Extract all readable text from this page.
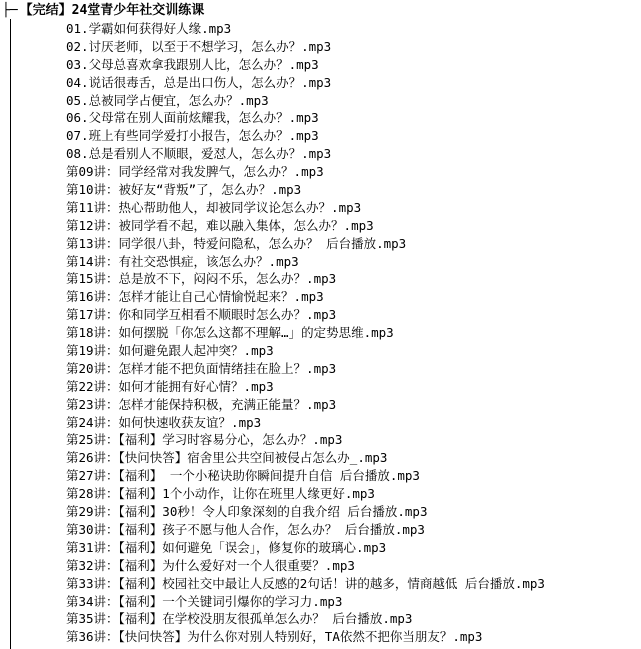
├─ 【完结】24堂青少年社交训练课
01.学霸如何获得好人缘.mp3
02.讨厌老师，以至于不想学习，怎么办？.mp3
03.父母总喜欢拿我跟别人比，怎么办？.mp3
04.说话很毒舌，总是出口伤人，怎么办？.mp3
05.总被同学占便宜，怎么办？.mp3
06.父母常在别人面前炫耀我，怎么办？.mp3
07.班上有些同学爱打小报告，怎么办？.mp3
08.总是看别人不顺眼，爱怼人，怎么办？.mp3
第09讲：同学经常对我发脾气，怎么办？.mp3
第10讲：被好友“背叛”了，怎么办？.mp3
第11讲：热心帮助他人，却被同学议论怎么办？.mp3
第12讲：被同学看不起，难以融入集体，怎么办？.mp3
第13讲：同学很八卦，特爱问隐私，怎么办？ 后台播放.mp3
第14讲：有社交恐惧症，该怎么办？.mp3
第15讲：总是放不下，闷闷不乐，怎么办？.mp3
第16讲：怎样才能让自己心情愉悦起来？.mp3
第17讲：你和同学互相看不顺眼时怎么办？.mp3
第18讲：如何摆脱「你怎么这都不理解…」的定势思维.mp3
第19讲：如何避免跟人起冲突？.mp3
第20讲：怎样才能不把负面情绪挂在脸上？.mp3
第22讲：如何才能拥有好心情？.mp3
第23讲：怎样才能保持积极，充满正能量？.mp3
第24讲：如何快速收获友谊？.mp3
第25讲：【福利】学习时容易分心，怎么办？.mp3
第26讲：【快问快答】宿舍里公共空间被侵占怎么办_.mp3
第27讲：【福利】 一个小秘诀助你瞬间提升自信 后台播放.mp3
第28讲：【福利】1个小动作，让你在班里人缘更好.mp3
第29讲：【福利】30秒！令人印象深刻的自我介绍 后台播放.mp3
第30讲：【福利】孩子不愿与他人合作，怎么办？ 后台播放.mp3
第31讲：【福利】如何避免「误会」，修复你的玻璃心.mp3
第32讲：【福利】为什么爱好对一个人很重要？.mp3
第33讲：【福利】校园社交中最让人反感的2句话！讲的越多，情商越低 后台播放.mp3
第34讲：【福利】一个关键词引爆你的学习力.mp3
第35讲：【福利】在学校没朋友很孤单怎么办？ 后台播放.mp3
第36讲：【快问快答】为什么你对别人特别好，TA依然不把你当朋友？.mp3
